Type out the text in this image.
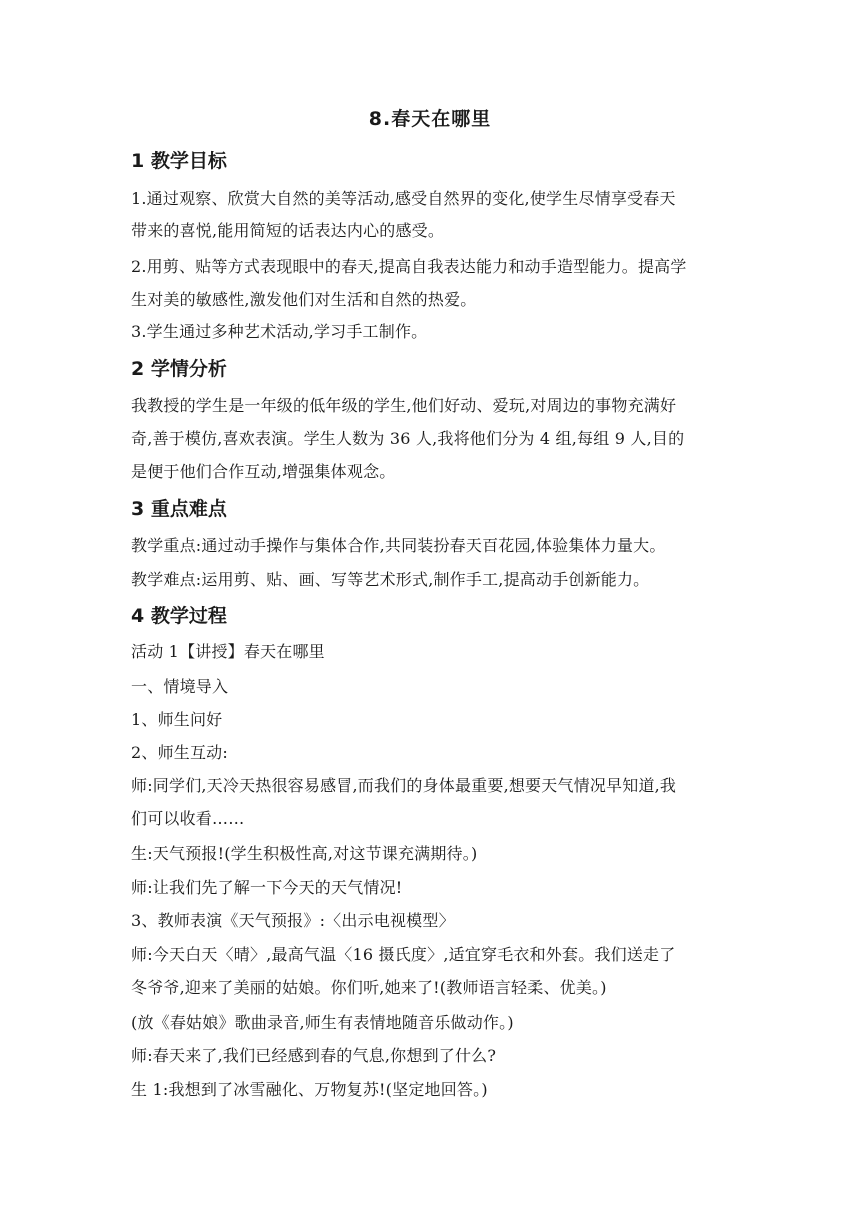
8.春天在哪里
1 教学目标
1.通过观察、欣赏大自然的美等活动,感受自然界的变化,使学生尽情享受春天
带来的喜悦,能用简短的话表达内心的感受。
2.用剪、贴等方式表现眼中的春天,提高自我表达能力和动手造型能力。提高学
生对美的敏感性,激发他们对生活和自然的热爱。
3.学生通过多种艺术活动,学习手工制作。
2 学情分析
我教授的学生是一年级的低年级的学生,他们好动、爱玩,对周边的事物充满好
奇,善于模仿,喜欢表演。学生人数为 36 人,我将他们分为 4 组,每组 9 人,目的
是便于他们合作互动,增强集体观念。
3 重点难点
教学重点:通过动手操作与集体合作,共同装扮春天百花园,体验集体力量大。
教学难点:运用剪、贴、画、写等艺术形式,制作手工,提高动手创新能力。
4 教学过程
活动 1【讲授】春天在哪里
一、情境导入
1、师生问好
2、师生互动:
师:同学们,天冷天热很容易感冒,而我们的身体最重要,想要天气情况早知道,我
们可以收看……
生:天气预报!(学生积极性高,对这节课充满期待。)
师:让我们先了解一下今天的天气情况!
3、教师表演《天气预报》:〈出示电视模型〉
师:今天白天〈晴〉,最高气温〈16 摄氏度〉,适宜穿毛衣和外套。我们送走了
冬爷爷,迎来了美丽的姑娘。你们听,她来了!(教师语言轻柔、优美。)
(放《春姑娘》歌曲录音,师生有表情地随音乐做动作。)
师:春天来了,我们已经感到春的气息,你想到了什么?
生 1:我想到了冰雪融化、万物复苏!(坚定地回答。)
